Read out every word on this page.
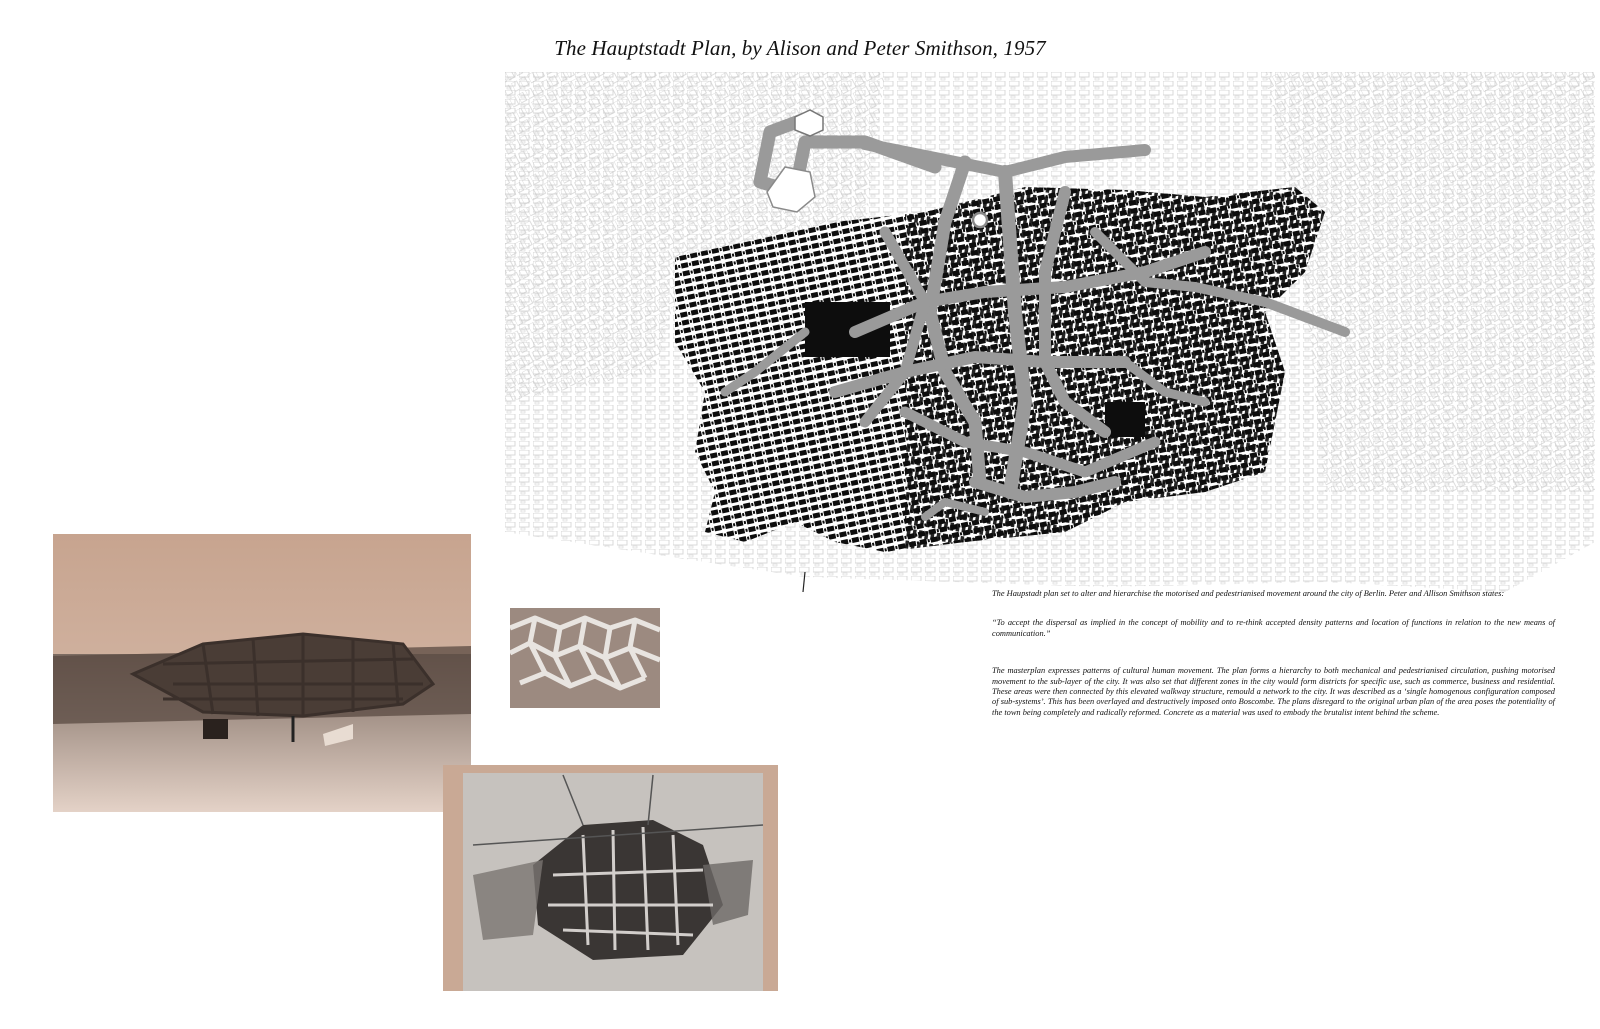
The Hauptstadt Plan, by Alison and Peter Smithson, 1957

The Haupstadt plan set to alter and hierarchise the motorised and pedestrianised movement around the city of Berlin. Peter and Allison Smithson states:

“To accept the dispersal as implied in the concept of mobility and to re-think accepted density patterns and location of functions in relation to the new means of communication.”

The masterplan expresses patterns of cultural human movement. The plan forms a hierarchy to both mechanical and pedestrianised circulation, pushing motorised movement to the sub-layer of the city. It was also set that different zones in the city would form districts for specific use, such as commerce, business and residential. These areas were then connected by this elevated walkway structure, remould a network to the city. It was described as a ‘single homogenous configuration composed of sub-systems’. This has been overlayed and destructively imposed onto Boscombe. The plans disregard to the original urban plan of the area poses the potentiality of the town being completely and radically reformed. Concrete as a material was used to embody the brutalist intent behind the scheme.
